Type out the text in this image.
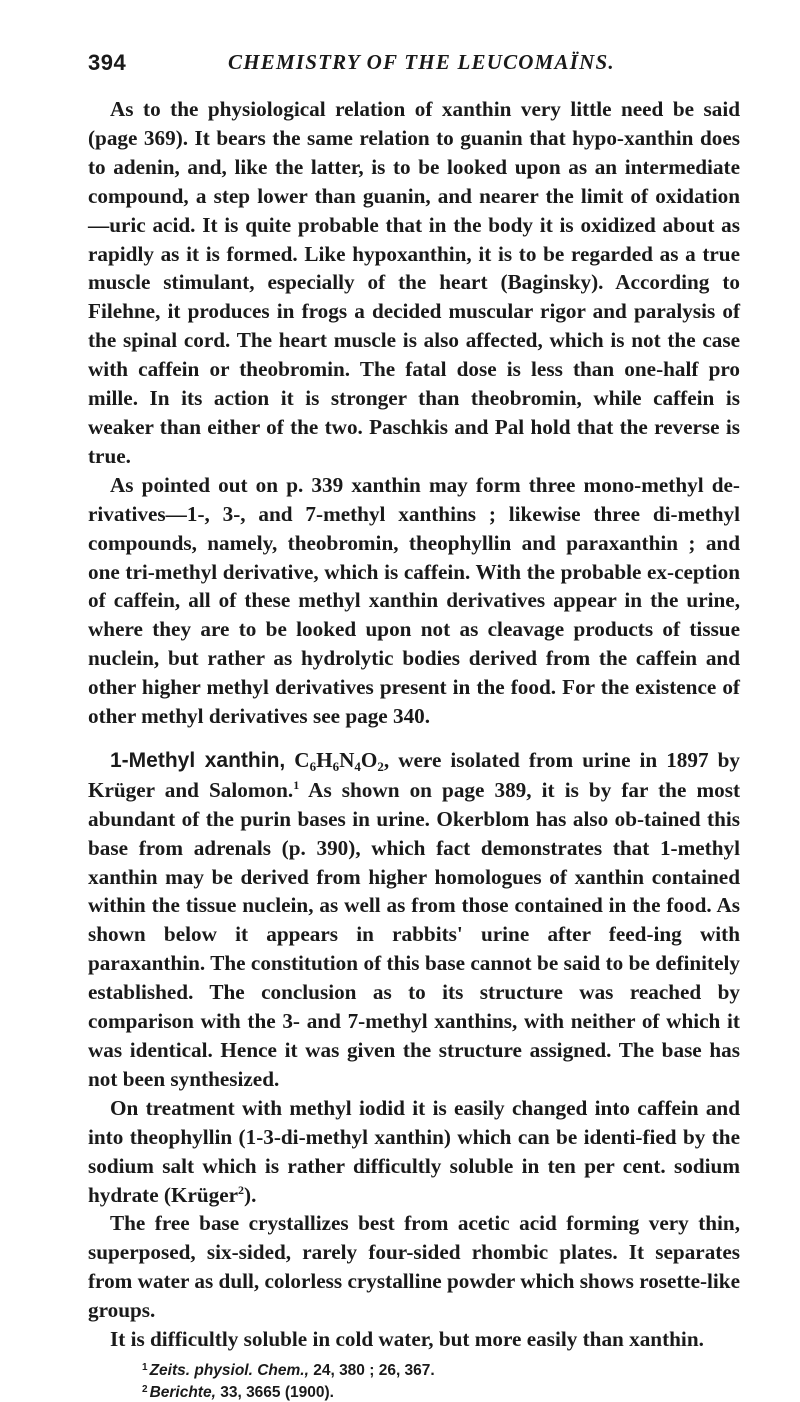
394	CHEMISTRY OF THE LEUCOMAÏNS.

As to the physiological relation of xanthin very little need be said (page 369). It bears the same relation to guanin that hypo-xanthin does to adenin, and, like the latter, is to be looked upon as an intermediate compound, a step lower than guanin, and nearer the limit of oxidation—uric acid. It is quite probable that in the body it is oxidized about as rapidly as it is formed. Like hypoxanthin, it is to be regarded as a true muscle stimulant, especially of the heart (Baginsky). According to Filehne, it produces in frogs a decided muscular rigor and paralysis of the spinal cord. The heart muscle is also affected, which is not the case with caffein or theobromin. The fatal dose is less than one-half pro mille. In its action it is stronger than theobromin, while caffein is weaker than either of the two. Paschkis and Pal hold that the reverse is true.

As pointed out on p. 339 xanthin may form three mono-methyl de-rivatives—1-, 3-, and 7-methyl xanthins ; likewise three di-methyl compounds, namely, theobromin, theophyllin and paraxanthin ; and one tri-methyl derivative, which is caffein. With the probable ex-ception of caffein, all of these methyl xanthin derivatives appear in the urine, where they are to be looked upon not as cleavage products of tissue nuclein, but rather as hydrolytic bodies derived from the caffein and other higher methyl derivatives present in the food. For the existence of other methyl derivatives see page 340.

1-Methyl xanthin, $C_6H_6N_4O_2$, were isolated from urine in 1897 by Krüger and Salomon.$^1$ As shown on page 389, it is by far the most abundant of the purin bases in urine. Okerblom has also ob-tained this base from adrenals (p. 390), which fact demonstrates that 1-methyl xanthin may be derived from higher homologues of xanthin contained within the tissue nuclein, as well as from those contained in the food. As shown below it appears in rabbits' urine after feed-ing with paraxanthin. The constitution of this base cannot be said to be definitely established. The conclusion as to its structure was reached by comparison with the 3- and 7-methyl xanthins, with neither of which it was identical. Hence it was given the structure assigned. The base has not been synthesized.

On treatment with methyl iodid it is easily changed into caffein and into theophyllin (1-3-di-methyl xanthin) which can be identi-fied by the sodium salt which is rather difficultly soluble in ten per cent. sodium hydrate (Krüger$^2$).

The free base crystallizes best from acetic acid forming very thin, superposed, six-sided, rarely four-sided rhombic plates. It separates from water as dull, colorless crystalline powder which shows rosette-like groups.

It is difficultly soluble in cold water, but more easily than xanthin.

$^1$ Zeits. physiol. Chem., 24, 380 ; 26, 367.
$^2$ Berichte, 33, 3665 (1900).
